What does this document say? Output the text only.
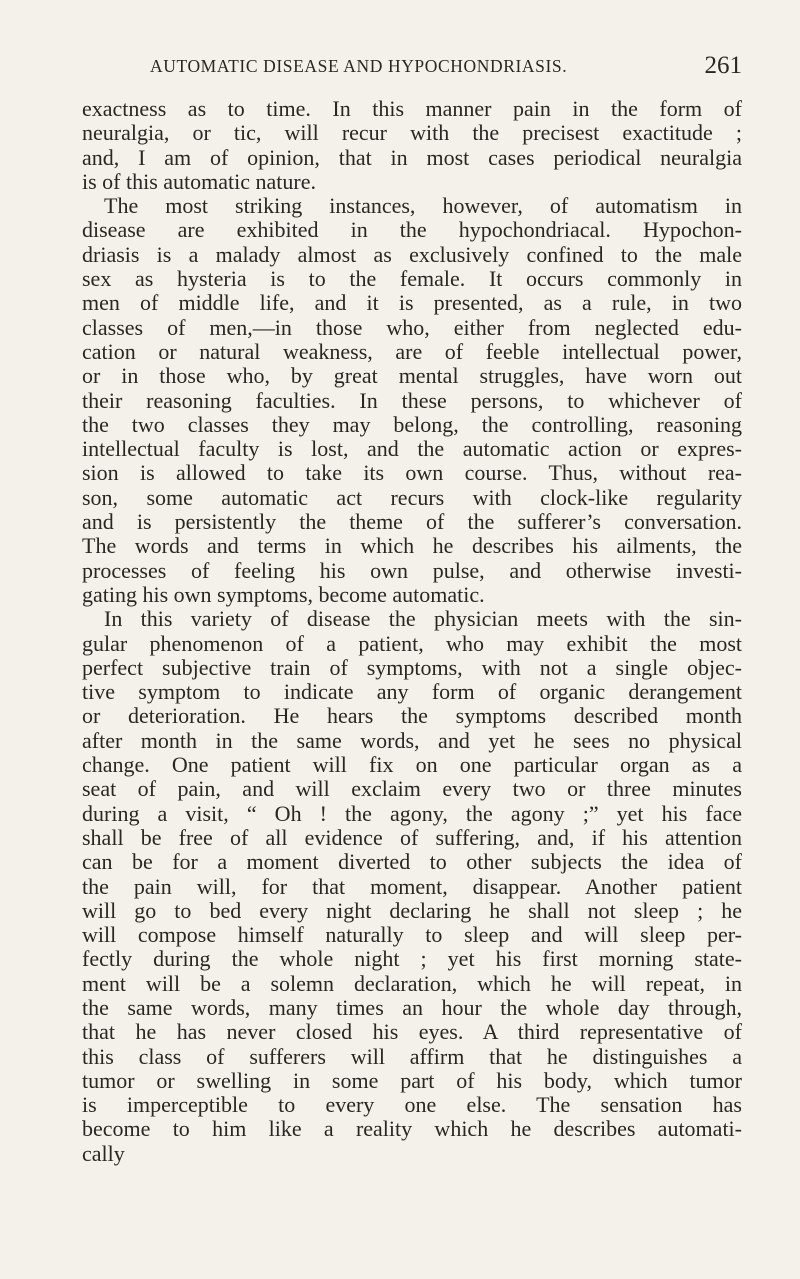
AUTOMATIC DISEASE AND HYPOCHONDRIASIS.	261
exactness as to time. In this manner pain in the form of
neuralgia, or tic, will recur with the precisest exactitude ;
and, I am of opinion, that in most cases periodical neuralgia
is of this automatic nature.
The most striking instances, however, of automatism in
disease are exhibited in the hypochondriacal. Hypochon-
driasis is a malady almost as exclusively confined to the male
sex as hysteria is to the female. It occurs commonly in
men of middle life, and it is presented, as a rule, in two
classes of men,—in those who, either from neglected edu-
cation or natural weakness, are of feeble intellectual power,
or in those who, by great mental struggles, have worn out
their reasoning faculties. In these persons, to whichever of
the two classes they may belong, the controlling, reasoning
intellectual faculty is lost, and the automatic action or expres-
sion is allowed to take its own course. Thus, without rea-
son, some automatic act recurs with clock-like regularity
and is persistently the theme of the sufferer’s conversation.
The words and terms in which he describes his ailments, the
processes of feeling his own pulse, and otherwise investi-
gating his own symptoms, become automatic.
In this variety of disease the physician meets with the sin-
gular phenomenon of a patient, who may exhibit the most
perfect subjective train of symptoms, with not a single objec-
tive symptom to indicate any form of organic derangement
or deterioration. He hears the symptoms described month
after month in the same words, and yet he sees no physical
change. One patient will fix on one particular organ as a
seat of pain, and will exclaim every two or three minutes
during a visit, “ Oh ! the agony, the agony ;” yet his face
shall be free of all evidence of suffering, and, if his attention
can be for a moment diverted to other subjects the idea of
the pain will, for that moment, disappear. Another patient
will go to bed every night declaring he shall not sleep ; he
will compose himself naturally to sleep and will sleep per-
fectly during the whole night ; yet his first morning state-
ment will be a solemn declaration, which he will repeat, in
the same words, many times an hour the whole day through,
that he has never closed his eyes. A third representative of
this class of sufferers will affirm that he distinguishes a
tumor or swelling in some part of his body, which tumor
is imperceptible to every one else. The sensation has
become to him like a reality which he describes automati-
cally
